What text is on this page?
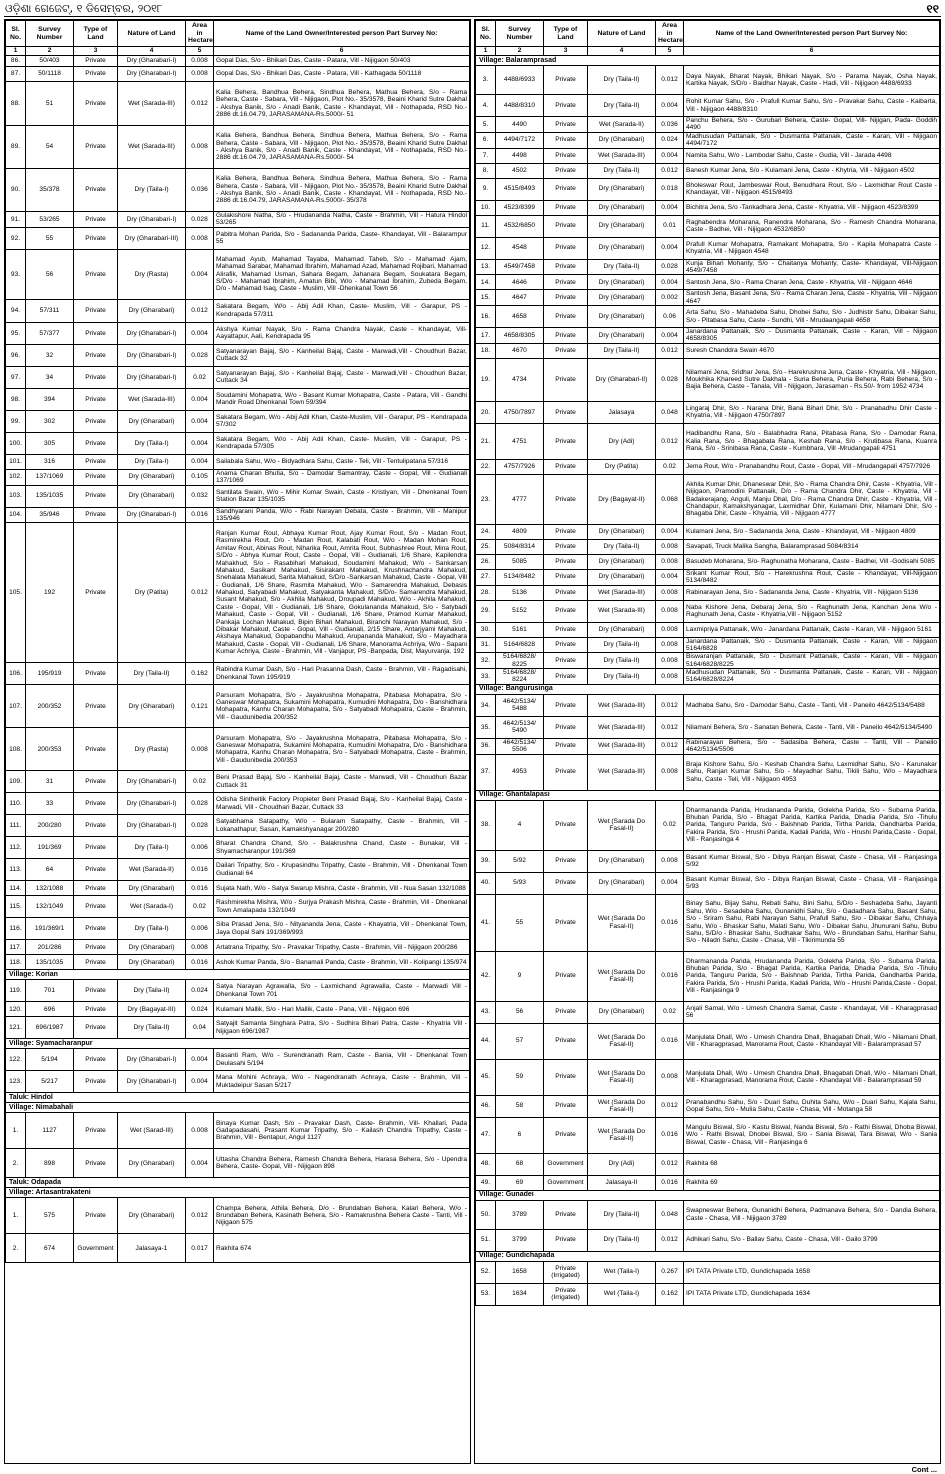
ଓଡ଼ିଶା ଗେଜେଟ୍, ୧ ଡିସେମ୍ବର, ୨୦୧୮	୧୧
Sl. No.	Survey Number	Type of Land	Nature of Land	Area in Hectare	Name of the Land Owner/Interested person Part Survey No:
1	2	3	4	5	6
86.	50/403	Private	Dry (Gharabari-I)	0.008	Gopal Das, S/o - Bhikari Das, Caste - Patara, Vill - Nijigaon 50/403
87.	50/1118	Private	Dry (Gharabari-I)	0.008	Gopal Das, S/o - Bhikari Das, Caste - Patara, Vill - Kathagada 50/1118
88.	51	Private	Wet (Sarada-III)	0.012	Kalia Behera, Bandhua Behera, Sindhua Behera, Mathua Behera, S/o - Rama Behera, Caste - Sabara, Vill - Nijigaon, Plot No.- 35/3578, Beaini Kharid Sutre Dakhal - Akshya Banik, S/o - Anadi Banik, Caste - Khandayat, Vill - Nothapada, RSD No.- 2886 dt.16.04.79, JARASAMANA-Rs.5000/- 51
89.	54	Private	Wet (Sarada-III)	0.008	Kalia Behera, Bandhua Behera, Sindhua Behera, Mathua Behera, S/o - Rama Behera, Caste - Sabara, Vill - Nijigaon, Plot No.- 35/3578, Beaini Kharid Sutre Dakhal - Akshya Banik, S/o - Anadi Banik, Caste - Khandayat, Vill - Nothapada, RSD No.- 2886 dt.16.04.79, JARASAMANA-Rs.5000/- 54
90.	35/378	Private	Dry (Taila-I)	0.036	Kalia Behera, Bandhua Behera, Sindhua Behera, Mathua Behera, S/o - Rama Behera, Caste - Sabara, Vill - Nijigaon, Plot No.- 35/3578, Beaini Kharid Sutre Dakhal - Akshya Banik, S/o - Anadi Banik, Caste - Khandayat, Vill - Nothapada, RSD No.- 2886 dt.16.04.79, JARASAMANA-Rs.5000/- 35/378
91.	53/265	Private	Dry (Gharabari-I)	0.028	Gulakishore Natha, S/o - Hrudananda Natha, Caste - Brahmin, Vill - Hatura Hindol 53/265
92.	55	Private	Dry (Gharabari-III)	0.008	Pabitra Mohan Parida, S/o - Sadananda Parida, Caste- Khandayat, Vill - Balarampur 55
93.	56	Private	Dry (Rasta)	0.004	Mahamad Ayub, Mahamad Tayaba, Mahamad Taheb, S/o - Mahamad Ajam, Mahamad Sarabar, Mahamad Ibrahim, Mahamad Azad, Mahamad Rojibari, Mahamad Alirafik, Mahamad Usman, Sahara Begam, Jahanara Begam, Soukatara Begam, S/D/o - Mahamad Ibrahim, Amatun Bibi, W/o - Mahamad Ibrahim, Zubeda Begam, D/o - Mahamad Isaq, Caste - Muslim, Vill -Dhenkanal Town 56
94.	57/311	Private	Dry (Gharabari)	0.012	Sakatara Begam, W/o - Abij Adil Khan, Caste- Muslim, Vill - Garapur, PS - Kendrapada 57/311
95.	57/377	Private	Dry (Gharabari-I)	0.004	Akshya Kumar Nayak, S/o - Rama Chandra Nayak, Caste - Khandayat, Vill- Aayattapur, Aali, Kendrapada 95
96.	32	Private	Dry (Gharabari-I)	0.028	Satyanarayan Bajaj, S/o - Kanheilal Bajaj, Caste - Marwadi,Vill - Choudhuri Bazar, Cuttack 32
97.	34	Private	Dry (Gharabari-I)	0.02	Satyanarayan Bajaj, S/o - Kanheilal Bajaj, Caste - Marwadi,Vill - Choudhuri Bazar, Cuttack 34
98.	394	Private	Wet (Sarada-III)	0.004	Soudamini Mohapatra, W/o - Basant Kumar Mohapatra, Caste - Patara, Vill - Gandhi Mandir Road Dhenkanal Town 59/394
99.	302	Private	Dry (Gharabari)	0.004	Sakatara Begam, W/o - Abij Adil Khan, Caste-Muslim, Vill - Garapur, PS - Kendrapada 57/302
100.	305	Private	Dry (Taila-I)	0.004	Sakatara Begam, W/o - Abij Adil Khan, Caste- Muslim, Vill - Garapur, PS - Kendrapada 57/305
101.	316	Private	Dry (Taila-I)	0.004	Sailabala Sahu, W/o - Bidyadhara Sahu, Caste - Teli, Vill - Tentulipatana 57/316
102.	137/1069	Private	Dry (Gharabari)	0.105	Anama Charan Bhutia, S/o - Damodar Samantray, Caste - Gopal, Vill - Gudianali 137/1069
103.	135/1035	Private	Dry (Gharabari)	0.032	Santilata Swain, W/o - Mihir Kumar Swain, Caste - Kristiyan, Vill - Dhenkanal Town Station Bazar 135/1035
104.	35/946	Private	Dry (Gharabari-I)	0.016	Sandhyarani Panda, W/o - Rabi Narayan Debata, Caste - Brahmin, Vill - Manipur 135/946
105.	192	Private	Dry (Patita)	0.012	Ranjan Kumar Rout, Abhaya Kumar Rout, Ajay Kumar Rout, S/o - Madan Rout, Rasmirekha Rout, D/o - Madan Rout, Kalabati Rout, W/o - Madan Mohan Rout, Amitav Rout, Abinas Rout, Niharika Rout, Amrita Rout, Subhashree Rout, Mina Rout, S/D/o - Abhya Kumar Rout, Caste - Gopal, Vill - Gudianali, 1/6 Share, Kapilendra Mahakhud, S/o - Rasabihari Mahakud, Soudamini Mahakud, W/o - Sankarsan Mahakud, Sasikant Mahakud, Sisirakant Mahakud, Krushnachandra Mahakud, Snehalata Mahakud, Sarita Mahakud, S/D/o -Sankarsan Mahakud, Caste - Gopal, Vill - Gudianali, 1/6 Share, Rasmita Mahakud, W/o - Samarendra Mahakud, Debasis Mahakud, Satyabadi Mahakud, Satyakanta Mahakud, S/D/o- Samarendra Mahakud, Susant Mahakud, S/o - Akhila Mahakud, Droupadi Mahakud, W/o - Akhila Mahakud, Caste - Gopal, Vill - Gudianali, 1/6 Share, Gokulananda Mahakud, S/o - Satybadi Mahakud, Caste - Gopal, Vill - Gudianali, 1/6 Share, Pramod Kumar Mahakud, Pankaja Lochan Mahakud, Bipin Bihari Mahakud, Biranchi Narayan Mahakud, S/o - Dibakar Mahakud, Caste - Gopal, Vill - Gudianali, 2/15 Share, Antarjyami Mahakud, Akshaya Mahakud, Gopabandhu Mahakud, Arupananda Mahakud, S/o - Mayadhara Mahakud, Caste - Gopal, Vill - Gudianali, 1/6 Share, Manorama Achriya, W/o - Sapani Kumar Achriya, Caste - Brahmin, Vill - Vanjapur, PS -Banpada, Dist, Mayurvanja. 192
106.	195/919	Private	Dry (Taila-II)	0.162	Rabindra Kumar Dash, S/o - Hari Prasanna Dash, Caste - Brahmin, Vill - Ragadisahi, Dhenkanal Town 195/919
107.	200/352	Private	Dry (Gharabari)	0.121	Parsuram Mohapatra, S/o - Jayakrushna Mohapatra, Pitabasa Mohapatra, S/o - Ganeswar Mohapatra, Sukamini Mohapatra, Kumudini Mohapatra, D/o - Banshidhara Mohapatra, Kanhu Charan Mohapatra, S/o - Satyabadi Mohapatra, Caste - Brahmin, Vill - Gaudunibedia 200/352
108.	200/353	Private	Dry (Rasta)	0.008	Parsuram Mohapatra, S/o - Jayakrushna Mohapatra, Pitabasa Mohapatra, S/o - Ganeswar Mohapatra, Sukamini Mohapatra, Kumudini Mohapatra, D/o - Banshidhara Mohapatra, Kanhu Charan Mohapatra, S/o - Satyabadi Mohapatra, Caste - Brahmin, Vill - Gaudunibedia 200/353
109.	31	Private	Dry (Gharabari-I)	0.02	Beni Prasad Bajaj, S/o - Kanheilal Bajaj, Caste - Marwadi, Vill - Choudhuri Bazar Cuttack 31
110.	33	Private	Dry (Gharabari-I)	0.028	Odisha Sintheitik Factory Propieter Beni Prasad Bajaj, S/o - Kanheilal Bajaj, Caste - Marwadi, Vill - Choudhari Bazar, Cuttack 33
111.	200/280	Private	Dry (Gharabari-I)	0.028	Satyabhama Satapathy, W/o - Bularam Satapathy, Caste - Brahmin, Vill - Lokanathapur, Sasan, Kamakshyanagar 200/280
112.	191/369	Private	Dry (Taila-I)	0.006	Bharat Chandra Chand, S/o - Balakrushna Chand, Caste - Bunakar, Vill - Shyamacharanpur 191/369
113.	64	Private	Wet (Sarada-II)	0.016	Dailari Tripathy, S/o - Krupasindhu Tripathy, Caste - Brahmin, Vill - Dhenkanal Town Gudianali 64
114.	132/1088	Private	Dry (Gharabari)	0.016	Sujata Nath, W/o - Satya Swarup Mishra, Caste - Brahmin, Vill - Nua Sasan 132/1088
115.	132/1049	Private	Wet (Sarada-I)	0.02	Rashmirekha Mishra, W/o - Surjya Prakash Mishra, Caste - Brahmin, Vill - Dhenkanal Town Amalapada 132/1049
116.	191/369/1	Private	Dry (Taila-I)	0.006	Siba Prasad Jena, S/o - Nityananda Jena, Caste - Khayatria, Vill - Dhenkanal Town, Jaya Gopal Sahi 191/369/993
117.	201/286	Private	Dry (Gharabari)	0.008	Artatrana Tripathy, S/o - Pravakar Tripathy, Caste - Brahmin, Vill - Nijigaon 200/286
118.	135/1035	Private	Dry (Gharabari)	0.016	Ashok Kumar Panda, S/o - Banamali Panda, Caste - Brahmin, Vill - Kolipangi 135/974
Village: Korian					
119.	701	Private	Dry (Taila-II)	0.024	Satya Narayan Agrawalla, S/o - Laxmichand Agrawalla, Caste - Marwadi Vill - Dhenkanal Town 701
120.	696	Private	Dry (Bagayat-III)	0.024	Kulamani Mallik, S/o - Hari Mallik, Caste - Pana, Vill - Nijigaon 696
121.	696/1987	Private	Dry (Taila-II)	0.04	Satyajit Samanta Singhara Patra, S/o - Sudhira Bihari Patra, Caste - Khyatria Vill - Nijigaon 696/1987
Village: Syamacharanpur					
122.	5/194	Private	Dry (Gharabari-I)	0.004	Basanti Ram, W/o - Surendranath Ram, Caste - Bania, Vill - Dhenkanal Town Deulasahi 5/194
123.	5/217	Private	Dry (Gharabari-I)	0.004	Mana Mohini Achraya, W/o - Nagendranath Achraya, Caste - Brahmin, Vill - Muktadeipur Sasan 5/217
Taluk: Hindol					
Village: Nimabahali					
1.	1127	Private	Wet (Sarad-III)	0.008	Binaya Kumar Dash, S/o - Pravakar Dash, Caste- Brahmin, Vill- Khallari, Pada Gadapadasahi, Prasant Kumar Tripathy, S/o - Kailash Chandra Tripathy, Caste - Brahmin, Vill - Bentapur, Angul 1127
2.	898	Private	Dry (Gharabari)	0.004	Uttasha Chandra Behera, Ramesh Chandra Behera, Harasa Behera, S/o - Upendra Behera, Caste- Gopal, Vill - Nijigaon 898
Taluk: Odapada					
Village: Artasantrakateni					
1.	575	Private	Dry (Gharabari)	0.012	Champa Behera, Athila Behera, D/o - Brundaban Behera, Kalari Behera, W/o - Brundaban Behera, Kasinath Behera, S/o - Ramakrushna Behera Caste - Tanti, Vill - Nijigaon 575
2.	674	Government	Jalasaya-1	0.017	Rakhita 674
Sl. No.	Survey Number	Type of Land	Nature of Land	Area in Hectare	Name of the Land Owner/Interested person Part Survey No:
1	2	3	4	5	6
Village: Balaramprasad					
3.	4488/6933	Private	Dry (Taila-II)	0.012	Daya Nayak, Bharat Nayak, Bhikari Nayak, S/o - Parama Nayak, Osha Nayak, Kartika Nayak, S/D/o - Baidhar Nayak, Caste - Hadi, Vill - Nijigaon 4488/6933
4.	4488/8310	Private	Dry (Taila-II)	0.004	Rohit Kumar Sahu, S/o - Prafull Kumar Sahu, S/o - Pravakar Sahu, Caste - Kaibarta, Vill - Nijigaon 4488/8310
5.	4490	Private	Wet (Sarada-II)	0.036	Panchu Behera, S/o - Gurubari Behera, Caste- Gopal, Vill- Nijigan, Pada- Goddih 4490
6.	4494/7172	Private	Dry (Gharabari)	0.024	Madhusudan Pattanaik, S/o - Dusmanta Pattanaik, Caste - Karan, Vill - Nijigaon 4494/7172
7.	4498	Private	Wet (Sarada-III)	0.004	Namita Sahu, W/o - Lambodar Sahu, Caste - Gudia, Vill - Jarada 4498
8.	4502	Private	Dry (Taila-II)	0.012	Banesh Kumar Jena, S/o - Kulamani Jena, Caste - Khytria, Vill - Nijigaon 4502
9.	4515/8493	Private	Dry (Gharabari)	0.018	Bholeswar Rout, Jambeswar Rout, Benudhara Rout, S/o - Laxmidhar Rout Caste - Khandayat, Vill - Nijigaon 4515/8493
10.	4523/8399	Private	Dry (Gharabari)	0.004	Bichitra Jena, S/o -Tankadhara Jena, Caste - Khyatria, Vill - Nijigaon 4523/8399
11.	4532/6850	Private	Dry (Gharabari)	0.01	Raghabendra Moharana, Ranendra Moharana, S/o - Ramesh Chandra Moharana, Caste - Badhei, Vill - Nijigaon 4532/6850
12.	4548	Private	Dry (Gharabari)	0.004	Prafull Kumar Mohapatra, Ramakant Mohapatra, S/o - Kapila Mohapatra Caste - Khyatria, Vill - Nijigaon 4548
13.	4549/7458	Private	Dry (Taila-II)	0.028	Kunja Bihari Mohanty, S/o - Chaitanya Mohanty, Caste- Khandayat, Vill-Nijigaon 4549/7458
14.	4646	Private	Dry (Gharabari)	0.004	Santosh Jena, S/o - Rama Charan Jena, Caste - Khyatria, Vill - Nijigaon 4646
15.	4647	Private	Dry (Gharabari)	0.002	Santosh Jena, Basant Jena, S/o - Rama Charan Jena, Caste - Khyatria, Vill - Nijigaon 4647
16.	4658	Private	Dry (Gharabari)	0.06	Arta Sahu, S/o - Mahadeba Sahu, Dhobei Sahu, S/o - Judhistir Sahu, Dibakar Sahu, S/o - Pitabasa Sahu, Caste - Sundhi, Vill - Mrudaangapali 4658
17.	4658/8305	Private	Dry (Gharabari)	0.004	Janardana Pattanaik, S/o - Dusmanta Pattanaik, Caste - Karan, Vill - Nijigaon 4658/8305
18.	4670	Private	Dry (Taila-II)	0.012	Suresh Chanddra Swain 4670
19.	4734	Private	Dry (Gharabari-II)	0.028	Nilamani Jena, Sridhar Jena, S/o - Harekrushna Jena, Caste - Khyatria, Vill - Nijigaon, Moukhika Khareed Sutre Dakhala - Suria Behera, Puria Behera, Rabi Behera, S/o - Bajia Behera, Caste - Tanala, Vill - Nijigaon, Jarasaman - Rs.50/- from 1952 4734
20.	4750/7897	Private	Jalasaya	0.048	Lingaraj Dhir, S/o - Narana Dhir, Bana Bihari Dhir, S/o - Pranabadhu Dhir Caste - Khyatria, Vill - Nijigaon 4750/7897
21.	4751	Private	Dry (Adi)	0.012	Hadibandhu Rana, S/o - Balabhadra Rana, Pitabasa Rana, S/o - Damodar Rana, Kalia Rana, S/o - Bhagabata Rana, Keshab Rana, S/o - Krutibasa Rana, Kuanra Rana, S/o - Srinibasa Rana, Caste - Kumbhara, Vill -Mrudangapali 4751
22.	4757/7926	Private	Dry (Patita)	0.02	Jema Rout, W/o - Pranabandhu Rout, Caste - Gopal, Vill - Mrudangapali 4757/7926
23.	4777	Private	Dry (Bagayat-II)	0.068	Akhila Kumar Dhir, Dhaneswar Dhir, S/o - Rama Chandra Dhir, Caste - Khyatria, Vill - Nijigaon, Pramodini Pattanaik, D/o - Rama Chandra Dhir, Caste - Khyatria, Vill - Badakerajang, Anguli, Manju Dhal, D/o - Rama Chandra Dhir, Caste - Khyatria, Vill - Chandapur, Kamakshyanagar, Laxmidhar Dhir, Kulamani Dhir, Nilamani Dhir, S/o - Bhagaba Dhir, Caste - Khyatria, Vill - Nijigaon 4777
24.	4809	Private	Dry (Gharabari)	0.004	Kulamani Jena, S/o - Sadananda Jena, Caste - Khandayat, Vill - Nijigaon 4809
25.	5084/8314	Private	Dry (Taila-II)	0.008	Savapati, Truck Malika Sangha, Balaramprasad 5084/8314
26.	5085	Private	Dry (Gharabari)	0.008	Basudeb Moharana, S/o- Raghunatha Moharana, Caste - Badhei, Vill -Godisahi 5085
27.	5134/8482	Private	Dry (Gharabari)	0.004	Srikant Kumar Rout, S/o - Harekrushna Rout, Caste - Khandayat, Vill-Nijigaon 5134/8482
28.	5136	Private	Wet (Sarada-III)	0.008	Rabinarayan Jena, S/o - Sadananda Jena, Caste - Khyatria, Vill - Nijigaon 5136
29.	5152	Private	Wet (Sarada-III)	0.008	Naba Kishore Jena, Debaraj Jena, S/o - Raghunath Jena, Kanchan Jena W/o - Raghunath Jena, Caste - Khyatria,Vill - Nijigaon 5152
30.	5161	Private	Dry (Gharabari)	0.008	Laxmipriya Pattanaik, W/o - Janardana Pattanaik, Caste - Karan, Vill - Nijigaon 5161
31.	5164/6828	Private	Dry (Taila-II)	0.008	Janardana Pattanaik, S/o - Dusmanta Pattanaik, Caste - Karan, Vill - Nijigaon 5164/6828
32.	5164/6828/ 8225	Private	Dry (Taila-II)	0.008	Biswaranjan Pattanaik, S/o - Dusmant Pattanaik, Caste - Karan, Vill - Nijigaon 5164/6828/8225
33.	5164/6828/ 8224	Private	Dry (Taila-II)	0.008	Madhusudan Pattanaik, S/o - Dusmanta Pattanaik, Caste - Karan, Vill - Nijigaon 5164/6828/8224
Village: Bangurusinga					
34.	4642/5134/ 5488	Private	Wet (Sarada-III)	0.012	Madhaba Sahu, S/o - Damodar Sahu, Caste - Tanti, Vill - Paneilo 4642/5134/5488
35.	4642/5134/ 5490	Private	Wet (Sarada-III)	0.012	Nilamani Behera, S/o - Sanatan Behera, Caste - Tanti, Vill - Paneilo 4642/5134/5490
36.	4642/5134/ 5506	Private	Wet (Sarada-III)	0.012	Rabinarayan Behera, S/o - Sadasiba Behera, Caste - Tanti, Vill - Paneilo 4642/5134/5506
37.	4953	Private	Wet (Sarada-III)	0.008	Braja Kishore Sahu, S/o - Keshab Chandra Sahu, Laxmidhar Sahu, S/o - Karunakar Sahu, Ranjan Kumar Sahu, S/o - Mayadhar Sahu, Tikili Sahu, W/o - Mayadhara Sahu, Caste - Teli, Vill - Nijigaon 4953
Village: Ghantalapasi					
38.	4	Private	Wet (Sarada Do Fasal-II)	0.02	Dharmananda Parida, Hrudananda Parida, Golekha Parida, S/o - Subarna Parida, Bhuban Parida, S/o - Bhagat Parida, Kartika Parida, Dhadia Parida, S/o -Tihulu Parida, Tanguru Parida, S/o - Baishnab Parida, Tirtha Parida, Gandharba Parida, Fakira Parida, S/o - Hrushi Parida, Kadali Parida, W/o - Hrushi Parida,Caste - Gopal, Vill - Ranjasinga 4
39.	5/92	Private	Dry (Gharabari)	0.008	Basant Kumar Biswal, S/o - Dibya Ranjan Biswal, Caste - Chasa, Vill - Ranjasinga 5/92
40.	5/93	Private	Dry (Gharabari)	0.004	Basant Kumar Biswal, S/o - Dibya Ranjan Biswal, Caste - Chasa, Vill - Ranjasinga 5/93
41.	55	Private	Wet (Sarada Do Fasal-II)	0.016	Binay Sahu, Bijay Sahu, Rebati Sahu, Bini Sahu, S/D/o - Seshadeba Sahu, Jayanti Sahu, W/o - Sesadeba Sahu, Gunanidhi Sahu, S/o - Gadadhara Sahu, Basant Sahu, S/o - Sriram Sahu, Rabi Narayan Sahu, Prafull Sahu, S/o - Dibakar Sahu, Chhaya Sahu, W/o - Bhaskar Sahu, Malati Sahu, W/o - Dibakar Sahu, Jhunurani Sahu, Bubu Sahu, S/D/o - Bhaskar Sahu, Sudhakar Sahu, W/o - Brundaban Sahu, Harihar Sahu, S/o - Niladri Sahu, Caste - Chasa, Vill - Tikirimunda 55
42.	9	Private	Wet (Sarada Do Fasal-II)	0.016	Dharmananda Parida, Hrudananda Parida, Golekha Parida, S/o - Subarna Parida, Bhuban Parida, S/o - Bhagat Parida, Kartika Parida, Dhadia Parida, S/o -Tihulu Parida, Tanguru Parida, S/o - Baishnab Parida, Tirtha Parida, Gandharba Parida, Fakira Parida, S/o - Hrushi Parida, Kadali Parida, W/o - Hrushi Parida,Caste - Gopal, Vill - Ranjasinga 9
43.	56	Private	Dry (Gharabari)	0.02	Anjali Samal, W/o - Umesh Chandra Samal, Caste - Khandayat, Vill - Kharagprasad 56
44.	57	Private	Wet (Sarada Do Fasal-II)	0.016	Manjulata Dhall, W/o - Umesh Chandra Dhall, Bhagabati Dhall, W/o - Nilamani Dhall, Vill - Kharagprasad, Manorama Rout, Caste - Khandayat Vill - Balaramprasad 57
45.	59	Private	Wet (Sarada Do Fasal-II)	0.008	Manjulata Dhall, W/o - Umesh Chandra Dhall, Bhagabati Dhall, W/o - Nilamani Dhall, Vill - Kharagprasad, Manorama Rout, Caste - Khandayat Vill - Balaramprasad 59
46.	58	Private	Wet (Sarada Do Fasal-II)	0.012	Pranabandhu Sahu, S/o - Duari Sahu, Duhita Sahu, W/o - Duari Sahu, Kajala Sahu, Gopal Sahu, S/o - Mulia Sahu, Caste - Chasa, Vill - Motanga 58
47.	6	Private	Wet (Sarada Do Fasal-II)	0.016	Mangulu Biswal, S/o - Kastu Biswal, Nanda Biswal, S/o - Rathi Biswal, Dhoba Biswal, W/o - Rathi Biswal, Dhobei Biswal, S/o - Sania Biswal, Tara Biswal, W/o - Sania Biswal, Caste - Chasa, Vill - Ranjasinga 6
48.	68	Government	Dry (Adi)	0.012	Rakhita 68
49.	69	Government	Jalasaya-II	0.016	Rakhita 69
Village: Gunadei					
50.	3789	Private	Dry (Taila-II)	0.048	Swapneswar Behera, Gunanidhi Behera, Padmanava Behera, S/o - Dandia Behera, Caste - Chasa, Vill - Nijigaon 3789
51.	3799	Private	Dry (Taila-II)	0.012	Adhikari Sahu, S/o - Ballav Sahu, Caste - Chasa, Vill - Gailo 3799
Village: Gundichapada					
52.	1658	Private (Irrigated)	Wet (Taila-I)	0.267	IPI TATA Private LTD, Gundichapada 1658
53.	1634	Private (Irrigated)	Wet (Taila-I)	0.162	IPI TATA Private LTD, Gundichapada 1634
Cont ...
